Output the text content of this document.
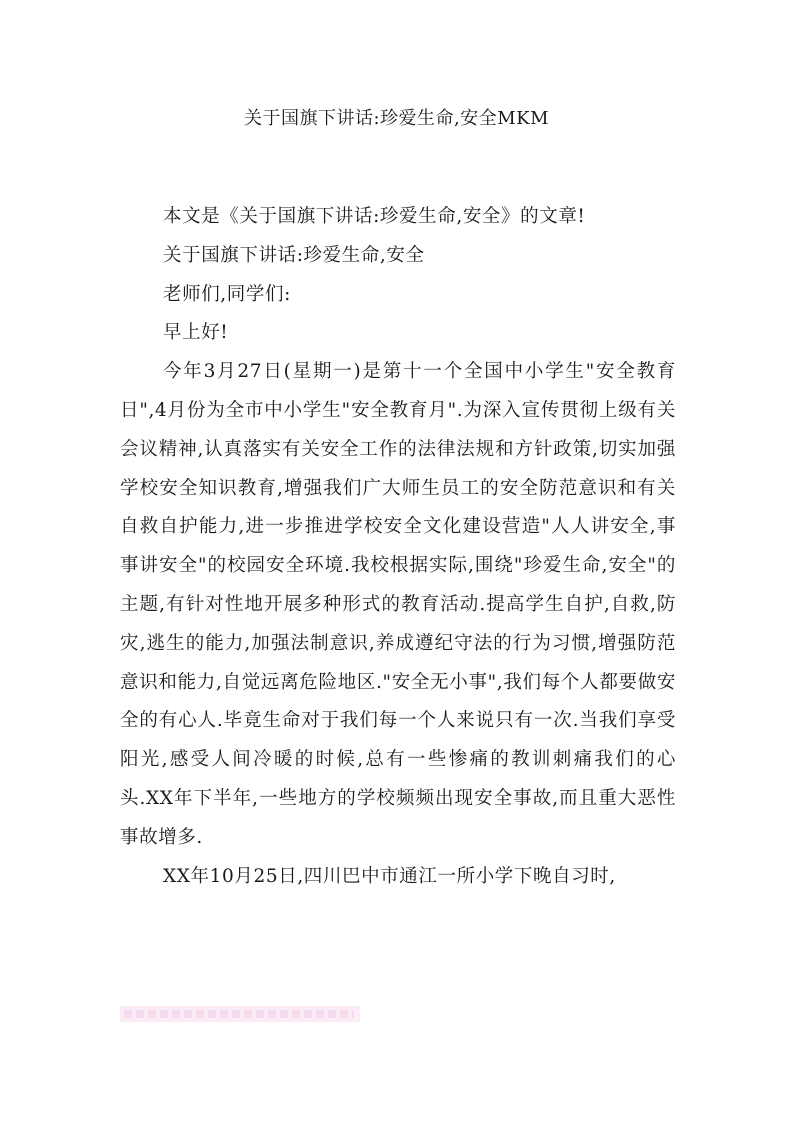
关于国旗下讲话:珍爱生命,安全MKM

本文是《关于国旗下讲话:珍爱生命,安全》的文章!

关于国旗下讲话:珍爱生命,安全

老师们,同学们:

早上好!

今年3月27日(星期一)是第十一个全国中小学生"安全教育日",4月份为全市中小学生"安全教育月".为深入宣传贯彻上级有关会议精神,认真落实有关安全工作的法律法规和方针政策,切实加强学校安全知识教育,增强我们广大师生员工的安全防范意识和有关自救自护能力,进一步推进学校安全文化建设营造"人人讲安全,事事讲安全"的校园安全环境.我校根据实际,围绕"珍爱生命,安全"的主题,有针对性地开展多种形式的教育活动.提高学生自护,自救,防灾,逃生的能力,加强法制意识,养成遵纪守法的行为习惯,增强防范意识和能力,自觉远离危险地区."安全无小事",我们每个人都要做安全的有心人.毕竟生命对于我们每一个人来说只有一次.当我们享受阳光,感受人间冷暖的时候,总有一些惨痛的教训刺痛我们的心头.XX年下半年,一些地方的学校频频出现安全事故,而且重大恶性事故增多.

XX年10月25日,四川巴中市通江一所小学下晚自习时,
